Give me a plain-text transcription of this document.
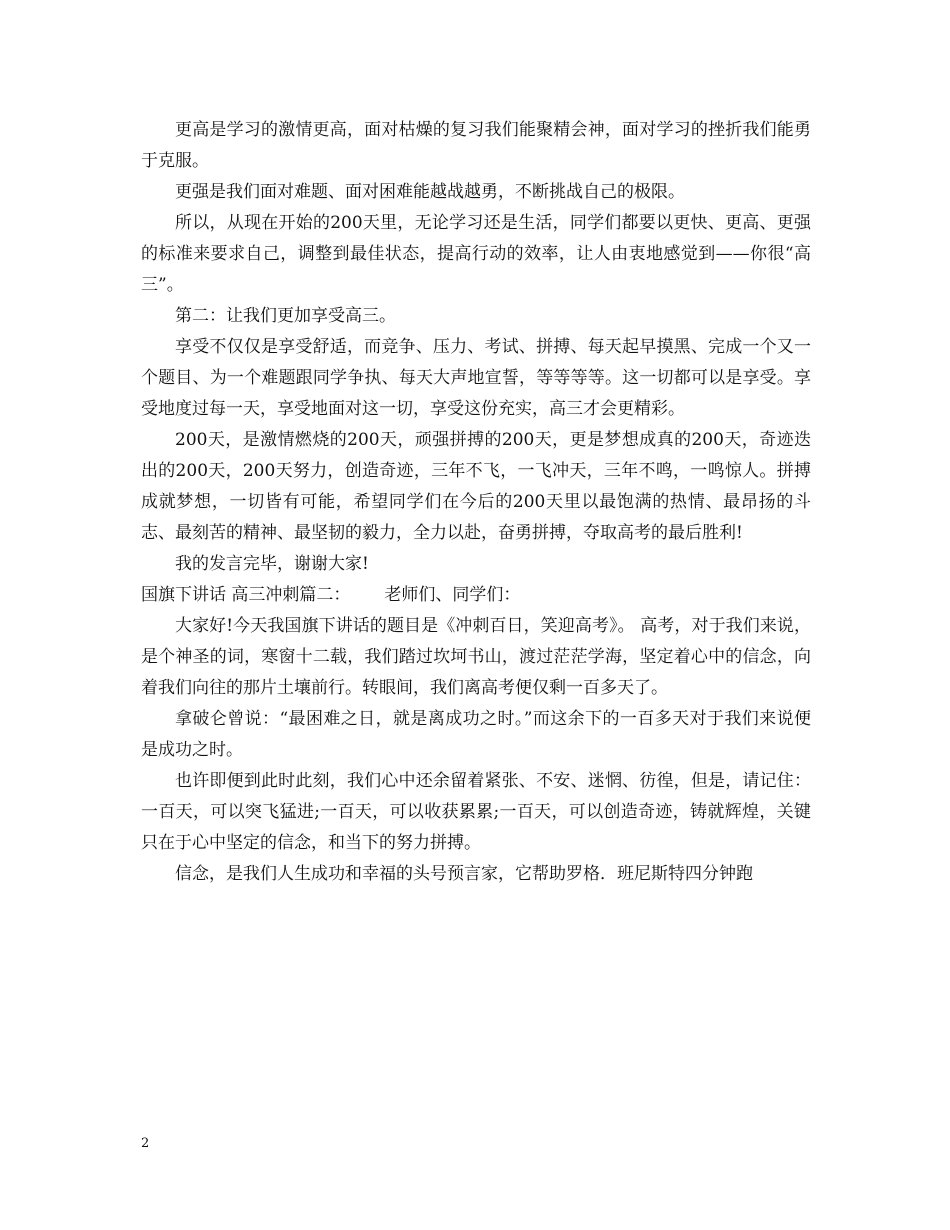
更高是学习的激情更高，面对枯燥的复习我们能聚精会神，面对学习的挫折我们能勇于克服。

更强是我们面对难题、面对困难能越战越勇，不断挑战自己的极限。

所以，从现在开始的200天里，无论学习还是生活，同学们都要以更快、更高、更强的标准来要求自己，调整到最佳状态，提高行动的效率，让人由衷地感觉到——你很“高三”。

第二：让我们更加享受高三。

享受不仅仅是享受舒适，而竞争、压力、考试、拼搏、每天起早摸黑、完成一个又一个题目、为一个难题跟同学争执、每天大声地宣誓，等等等等。这一切都可以是享受。享受地度过每一天，享受地面对这一切，享受这份充实，高三才会更精彩。

200天，是激情燃烧的200天，顽强拼搏的200天，更是梦想成真的200天，奇迹迭出的200天，200天努力，创造奇迹，三年不飞，一飞冲天，三年不鸣，一鸣惊人。拼搏成就梦想，一切皆有可能，希望同学们在今后的200天里以最饱满的热情、最昂扬的斗志、最刻苦的精神、最坚韧的毅力，全力以赴，奋勇拼搏，夺取高考的最后胜利!

我的发言完毕，谢谢大家!

国旗下讲话 高三冲刺篇二： 老师们、同学们：

大家好!今天我国旗下讲话的题目是《冲刺百日，笑迎高考》。 高考，对于我们来说，是个神圣的词，寒窗十二载，我们踏过坎坷书山，渡过茫茫学海，坚定着心中的信念，向着我们向往的那片土壤前行。转眼间，我们离高考便仅剩一百多天了。

拿破仑曾说：“最困难之日，就是离成功之时。”而这余下的一百多天对于我们来说便是成功之时。

也许即便到此时此刻，我们心中还余留着紧张、不安、迷惘、彷徨，但是，请记住：一百天，可以突飞猛进;一百天，可以收获累累;一百天，可以创造奇迹，铸就辉煌，关键只在于心中坚定的信念，和当下的努力拼搏。

信念，是我们人生成功和幸福的头号预言家，它帮助罗格．班尼斯特四分钟跑

2
